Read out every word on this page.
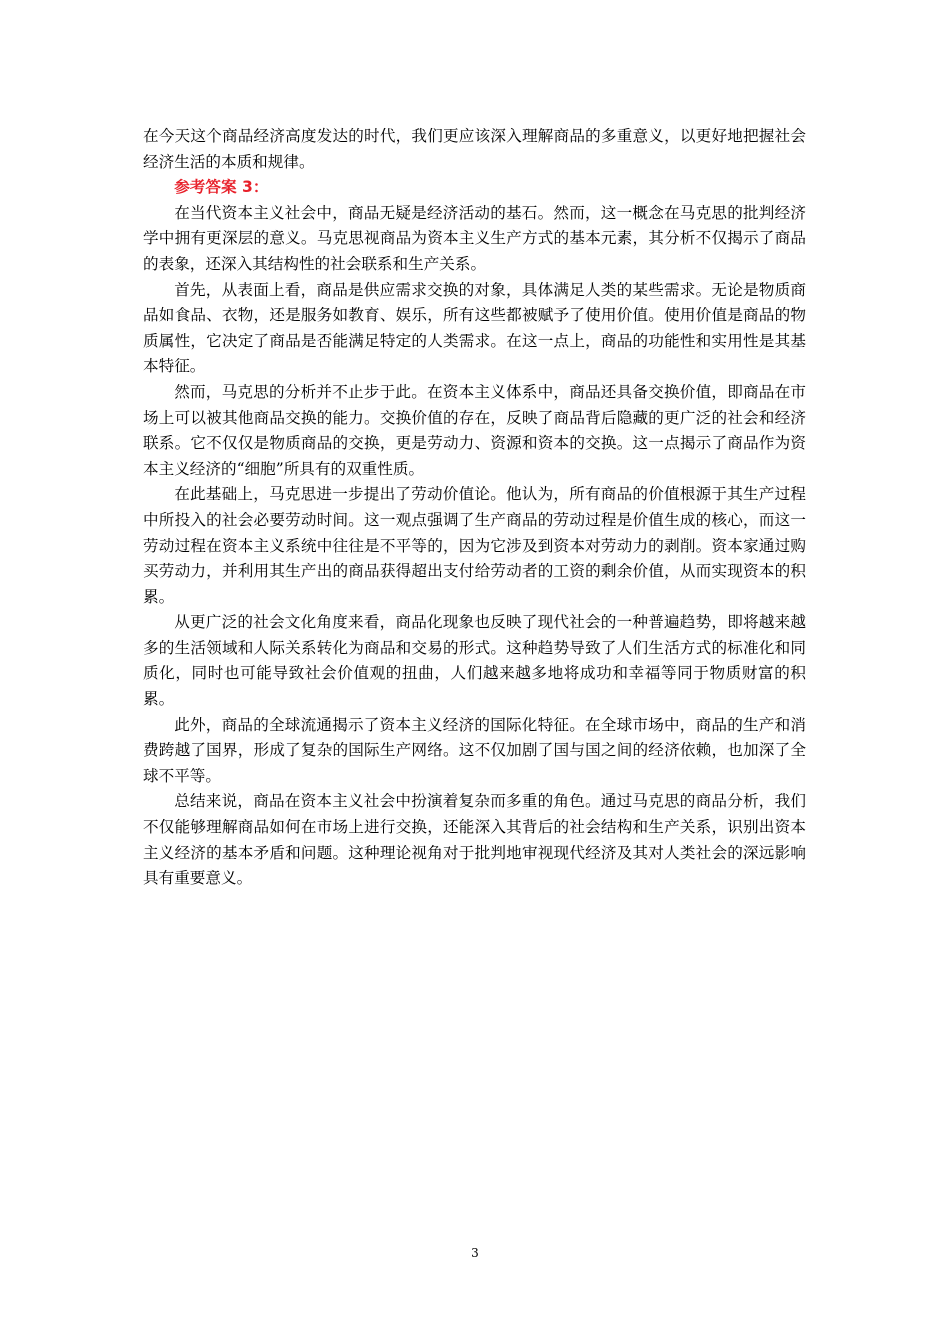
在今天这个商品经济高度发达的时代，我们更应该深入理解商品的多重意义，以更好地把握社会经济生活的本质和规律。

参考答案 3：

在当代资本主义社会中，商品无疑是经济活动的基石。然而，这一概念在马克思的批判经济学中拥有更深层的意义。马克思视商品为资本主义生产方式的基本元素，其分析不仅揭示了商品的表象，还深入其结构性的社会联系和生产关系。

首先，从表面上看，商品是供应需求交换的对象，具体满足人类的某些需求。无论是物质商品如食品、衣物，还是服务如教育、娱乐，所有这些都被赋予了使用价值。使用价值是商品的物质属性，它决定了商品是否能满足特定的人类需求。在这一点上，商品的功能性和实用性是其基本特征。

然而，马克思的分析并不止步于此。在资本主义体系中，商品还具备交换价值，即商品在市场上可以被其他商品交换的能力。交换价值的存在，反映了商品背后隐藏的更广泛的社会和经济联系。它不仅仅是物质商品的交换，更是劳动力、资源和资本的交换。这一点揭示了商品作为资本主义经济的“细胞”所具有的双重性质。

在此基础上，马克思进一步提出了劳动价值论。他认为，所有商品的价值根源于其生产过程中所投入的社会必要劳动时间。这一观点强调了生产商品的劳动过程是价值生成的核心，而这一劳动过程在资本主义系统中往往是不平等的，因为它涉及到资本对劳动力的剥削。资本家通过购买劳动力，并利用其生产出的商品获得超出支付给劳动者的工资的剩余价值，从而实现资本的积累。

从更广泛的社会文化角度来看，商品化现象也反映了现代社会的一种普遍趋势，即将越来越多的生活领域和人际关系转化为商品和交易的形式。这种趋势导致了人们生活方式的标准化和同质化，同时也可能导致社会价值观的扭曲，人们越来越多地将成功和幸福等同于物质财富的积累。

此外，商品的全球流通揭示了资本主义经济的国际化特征。在全球市场中，商品的生产和消费跨越了国界，形成了复杂的国际生产网络。这不仅加剧了国与国之间的经济依赖，也加深了全球不平等。

总结来说，商品在资本主义社会中扮演着复杂而多重的角色。通过马克思的商品分析，我们不仅能够理解商品如何在市场上进行交换，还能深入其背后的社会结构和生产关系，识别出资本主义经济的基本矛盾和问题。这种理论视角对于批判地审视现代经济及其对人类社会的深远影响具有重要意义。

3
